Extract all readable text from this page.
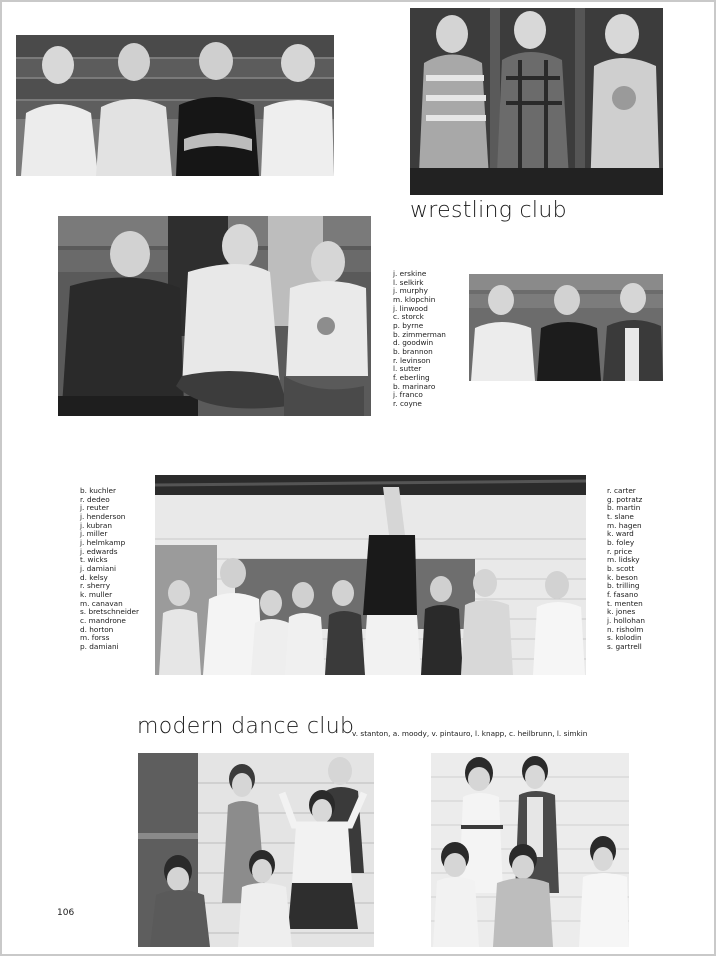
wrestling club
j. erskine
l. selkirk
j. murphy
m. klopchin
j. linwood
c. storck
p. byrne
b. zimmerman
d. goodwin
b. brannon
r. levinson
l. sutter
f. eberling
b. marinaro
j. franco
r. coyne
b. kuchler
r. dedeo
j. reuter
j. henderson
j. kubran
j. miller
j. helmkamp
j. edwards
t. wicks
j. damiani
d. kelsy
r. sherry
k. muller
m. canavan
s. bretschneider
c. mandrone
d. horton
m. forss
p. damiani
r. carter
g. potratz
b. martin
t. slane
m. hagen
k. ward
b. foley
r. price
m. lidsky
b. scott
k. beson
b. trilling
f. fasano
t. menten
k. jones
j. hollohan
n. risholm
s. kolodin
s. gartrell
modern dance club
v. stanton, a. moody, v. pintauro, l. knapp, c. heilbrunn, l. simkin
106
